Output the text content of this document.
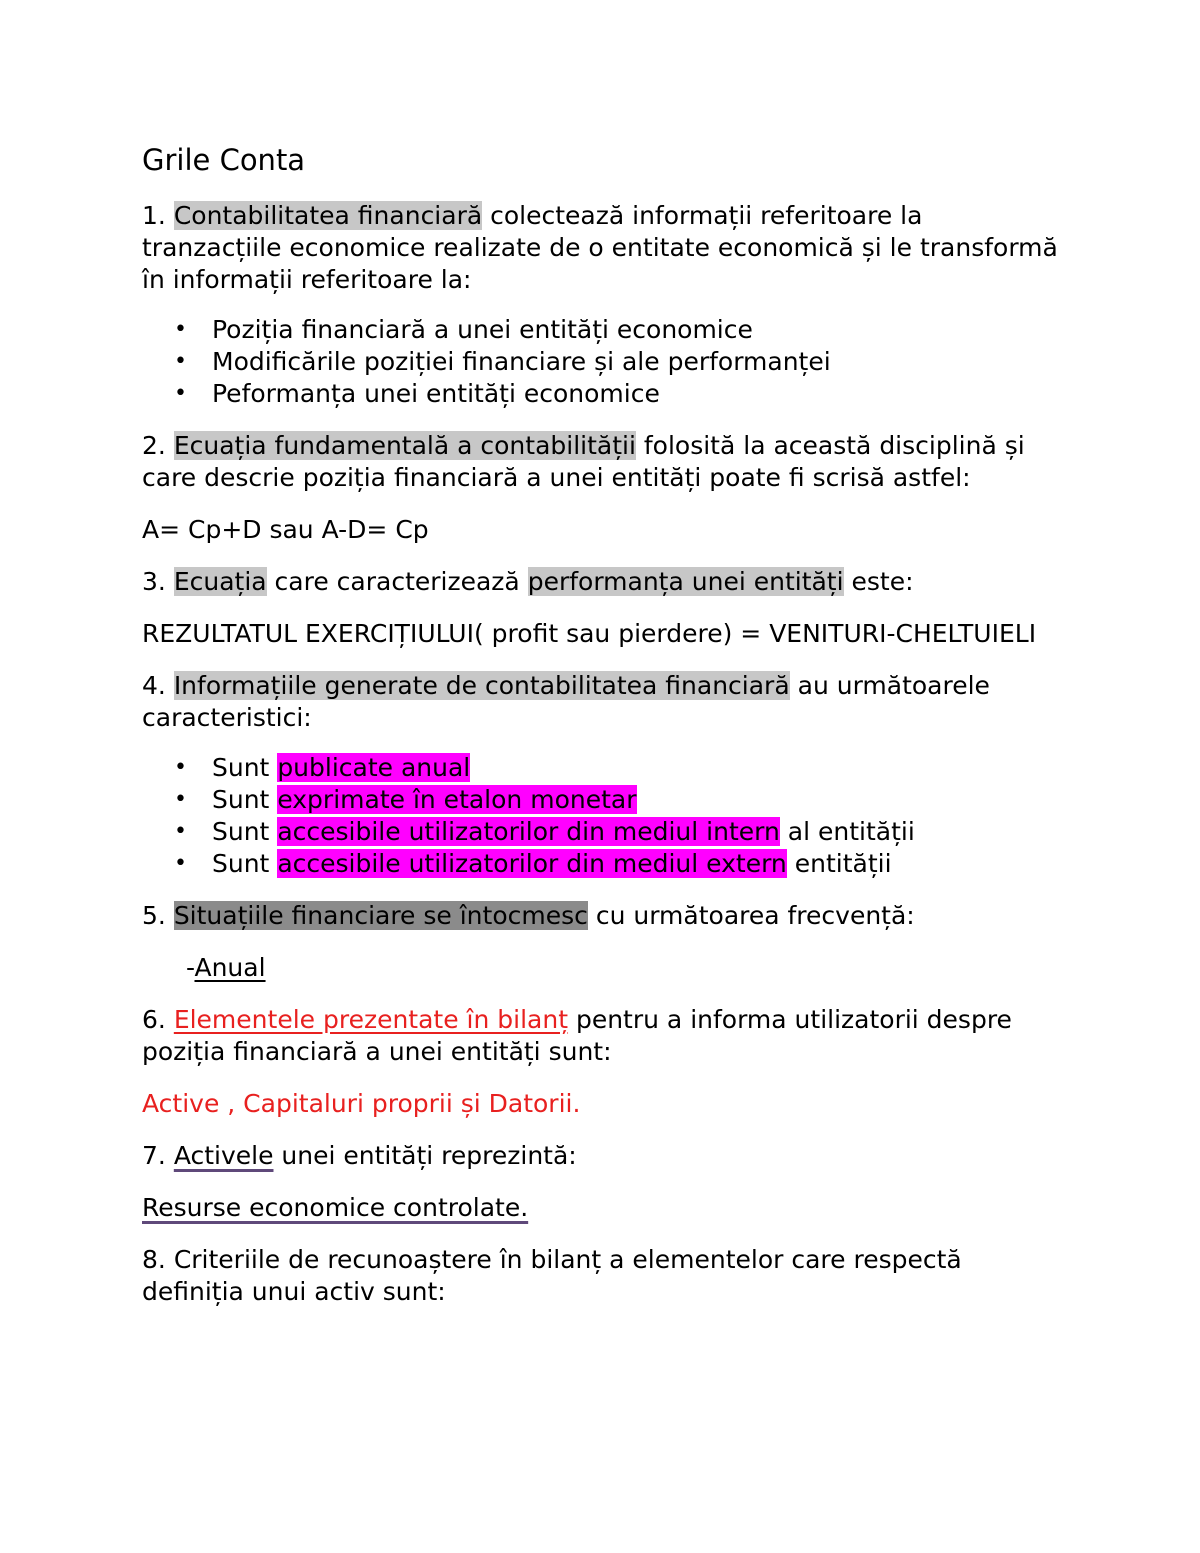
Grile Conta
1. Contabilitatea financiară colectează informații referitoare la tranzacțiile economice realizate de o entitate economică și le transformă în informații referitoare la:
• Poziția financiară a unei entități economice
• Modificările poziției financiare și ale performanței
• Peformanța unei entități economice
2. Ecuația fundamentală a contabilității folosită la această disciplină și care descrie poziția financiară a unei entități poate fi scrisă astfel:
A= Cp+D sau A-D= Cp
3. Ecuația care caracterizează performanța unei entități este:
REZULTATUL EXERCIȚIULUI( profit sau pierdere) = VENITURI-CHELTUIELI
4. Informațiile generate de contabilitatea financiară au următoarele caracteristici:
• Sunt publicate anual
• Sunt exprimate în etalon monetar
• Sunt accesibile utilizatorilor din mediul intern al entității
• Sunt accesibile utilizatorilor din mediul extern entității
5. Situațiile financiare se întocmesc cu următoarea frecvență:
-Anual
6. Elementele prezentate în bilanț pentru a informa utilizatorii despre poziția financiară a unei entități sunt:
Active , Capitaluri proprii și Datorii.
7. Activele unei entități reprezintă:
Resurse economice controlate.
8. Criteriile de recunoaștere în bilanț a elementelor care respectă definiția unui activ sunt:
